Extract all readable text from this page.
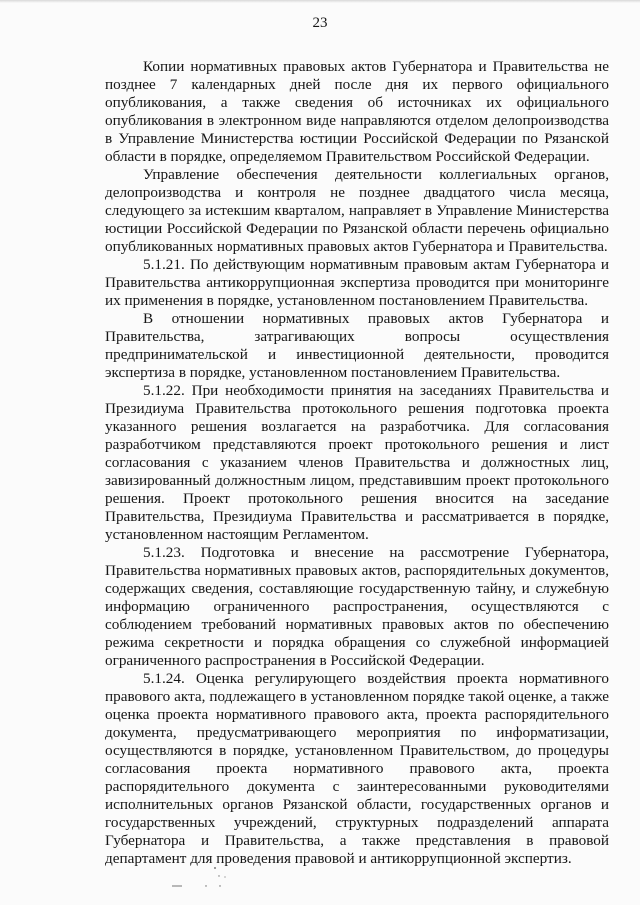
23

Копии нормативных правовых актов Губернатора и Правительства не позднее 7 календарных дней после дня их первого официального опубликования, а также сведения об источниках их официального опубликования в электронном виде направляются отделом делопроизводства в Управление Министерства юстиции Российской Федерации по Рязанской области в порядке, определяемом Правительством Российской Федерации.

Управление обеспечения деятельности коллегиальных органов, делопроизводства и контроля не позднее двадцатого числа месяца, следующего за истекшим кварталом, направляет в Управление Министерства юстиции Российской Федерации по Рязанской области перечень официально опубликованных нормативных правовых актов Губернатора и Правительства.

5.1.21. По действующим нормативным правовым актам Губернатора и Правительства антикоррупционная экспертиза проводится при мониторинге их применения в порядке, установленном постановлением Правительства.

В отношении нормативных правовых актов Губернатора и Правительства, затрагивающих вопросы осуществления предпринимательской и инвестиционной деятельности, проводится экспертиза в порядке, установленном постановлением Правительства.

5.1.22. При необходимости принятия на заседаниях Правительства и Президиума Правительства протокольного решения подготовка проекта указанного решения возлагается на разработчика. Для согласования разработчиком представляются проект протокольного решения и лист согласования с указанием членов Правительства и должностных лиц, завизированный должностным лицом, представившим проект протокольного решения. Проект протокольного решения вносится на заседание Правительства, Президиума Правительства и рассматривается в порядке, установленном настоящим Регламентом.

5.1.23. Подготовка и внесение на рассмотрение Губернатора, Правительства нормативных правовых актов, распорядительных документов, содержащих сведения, составляющие государственную тайну, и служебную информацию ограниченного распространения, осуществляются с соблюдением требований нормативных правовых актов по обеспечению режима секретности и порядка обращения со служебной информацией ограниченного распространения в Российской Федерации.

5.1.24. Оценка регулирующего воздействия проекта нормативного правового акта, подлежащего в установленном порядке такой оценке, а также оценка проекта нормативного правового акта, проекта распорядительного документа, предусматривающего мероприятия по информатизации, осуществляются в порядке, установленном Правительством, до процедуры согласования проекта нормативного правового акта, проекта распорядительного документа с заинтересованными руководителями исполнительных органов Рязанской области, государственных органов и государственных учреждений, структурных подразделений аппарата Губернатора и Правительства, а также представления в правовой департамент для проведения правовой и антикоррупционной экспертиз.
